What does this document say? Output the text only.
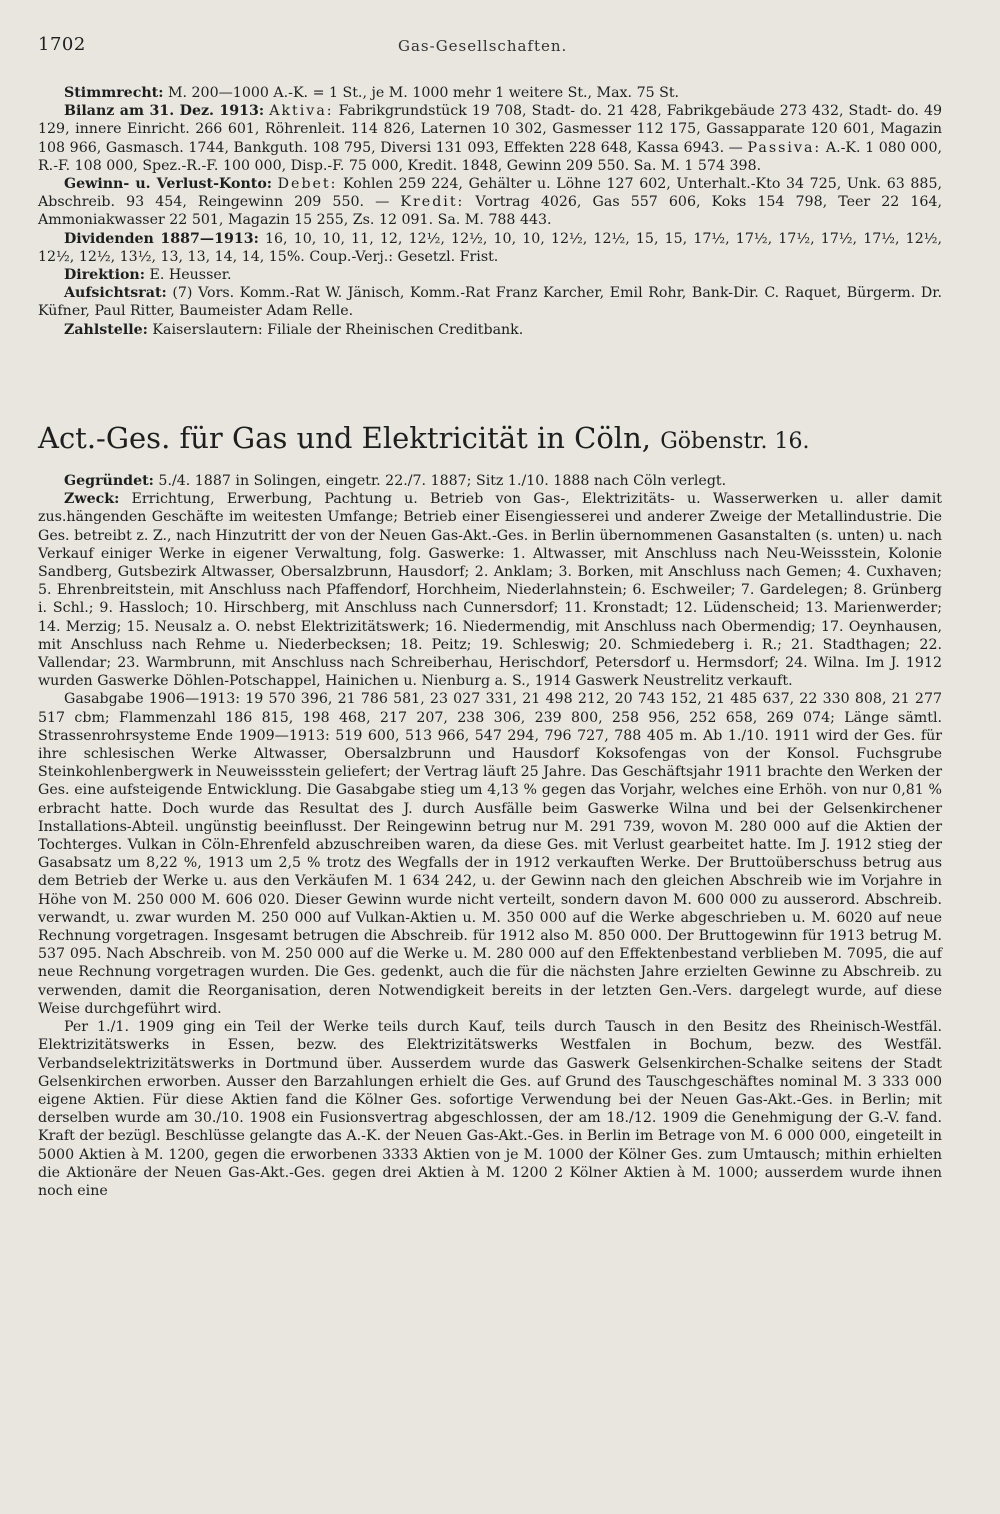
1702	Gas-Gesellschaften.

Stimmrecht: M. 200—1000 A.-K. = 1 St., je M. 1000 mehr 1 weitere St., Max. 75 St.

Bilanz am 31. Dez. 1913: Aktiva: Fabrikgrundstück 19 708, Stadt- do. 21 428, Fabrikgebäude 273 432, Stadt- do. 49 129, innere Einricht. 266 601, Röhrenleit. 114 826, Laternen 10 302, Gasmesser 112 175, Gassapparate 120 601, Magazin 108 966, Gasmasch. 1744, Bankguth. 108 795, Diversi 131 093, Effekten 228 648, Kassa 6943. — Passiva: A.-K. 1 080 000, R.-F. 108 000, Spez.-R.-F. 100 000, Disp.-F. 75 000, Kredit. 1848, Gewinn 209 550. Sa. M. 1 574 398.

Gewinn- u. Verlust-Konto: Debet: Kohlen 259 224, Gehälter u. Löhne 127 602, Unterhalt.-Kto 34 725, Unk. 63 885, Abschreib. 93 454, Reingewinn 209 550. — Kredit: Vortrag 4026, Gas 557 606, Koks 154 798, Teer 22 164, Ammoniakwasser 22 501, Magazin 15 255, Zs. 12 091. Sa. M. 788 443.

Dividenden 1887—1913: 16, 10, 10, 11, 12, 12½, 12½, 10, 10, 12½, 12½, 15, 15, 17½, 17½, 17½, 17½, 17½, 12½, 12½, 12½, 13½, 13, 13, 14, 14, 15%. Coup.-Verj.: Gesetzl. Frist.

Direktion: E. Heusser.

Aufsichtsrat: (7) Vors. Komm.-Rat W. Jänisch, Komm.-Rat Franz Karcher, Emil Rohr, Bank-Dir. C. Raquet, Bürgerm. Dr. Küfner, Paul Ritter, Baumeister Adam Relle.

Zahlstelle: Kaiserslautern: Filiale der Rheinischen Creditbank.

Act.-Ges. für Gas und Elektricität in Cöln, Göbenstr. 16.

Gegründet: 5./4. 1887 in Solingen, eingetr. 22./7. 1887; Sitz 1./10. 1888 nach Cöln verlegt.

Zweck: Errichtung, Erwerbung, Pachtung u. Betrieb von Gas-, Elektrizitäts- u. Wasserwerken u. aller damit zus.hängenden Geschäfte im weitesten Umfange; Betrieb einer Eisengiesserei und anderer Zweige der Metallindustrie. Die Ges. betreibt z. Z., nach Hinzutritt der von der Neuen Gas-Akt.-Ges. in Berlin übernommenen Gasanstalten (s. unten) u. nach Verkauf einiger Werke in eigener Verwaltung, folg. Gaswerke: 1. Altwasser, mit Anschluss nach Neu-Weissstein, Kolonie Sandberg, Gutsbezirk Altwasser, Obersalzbrunn, Hausdorf; 2. Anklam; 3. Borken, mit Anschluss nach Gemen; 4. Cuxhaven; 5. Ehrenbreitstein, mit Anschluss nach Pfaffendorf, Horchheim, Niederlahnstein; 6. Eschweiler; 7. Gardelegen; 8. Grünberg i. Schl.; 9. Hassloch; 10. Hirschberg, mit Anschluss nach Cunnersdorf; 11. Kronstadt; 12. Lüdenscheid; 13. Marienwerder; 14. Merzig; 15. Neusalz a. O. nebst Elektrizitätswerk; 16. Niedermendig, mit Anschluss nach Obermendig; 17. Oeynhausen, mit Anschluss nach Rehme u. Niederbecksen; 18. Peitz; 19. Schleswig; 20. Schmiedeberg i. R.; 21. Stadthagen; 22. Vallendar; 23. Warmbrunn, mit Anschluss nach Schreiberhau, Herischdorf, Petersdorf u. Hermsdorf; 24. Wilna. Im J. 1912 wurden Gaswerke Döhlen-Potschappel, Hainichen u. Nienburg a. S., 1914 Gaswerk Neustrelitz verkauft.

Gasabgabe 1906—1913: 19 570 396, 21 786 581, 23 027 331, 21 498 212, 20 743 152, 21 485 637, 22 330 808, 21 277 517 cbm; Flammenzahl 186 815, 198 468, 217 207, 238 306, 239 800, 258 956, 252 658, 269 074; Länge sämtl. Strassenrohrsysteme Ende 1909—1913: 519 600, 513 966, 547 294, 796 727, 788 405 m. Ab 1./10. 1911 wird der Ges. für ihre schlesischen Werke Altwasser, Obersalzbrunn und Hausdorf Koksofengas von der Konsol. Fuchsgrube Steinkohlenbergwerk in Neuweissstein geliefert; der Vertrag läuft 25 Jahre. Das Geschäftsjahr 1911 brachte den Werken der Ges. eine aufsteigende Entwicklung. Die Gasabgabe stieg um 4,13 % gegen das Vorjahr, welches eine Erhöh. von nur 0,81 % erbracht hatte. Doch wurde das Resultat des J. durch Ausfälle beim Gaswerke Wilna und bei der Gelsenkirchener Installations-Abteil. ungünstig beeinflusst. Der Reingewinn betrug nur M. 291 739, wovon M. 280 000 auf die Aktien der Tochterges. Vulkan in Cöln-Ehrenfeld abzuschreiben waren, da diese Ges. mit Verlust gearbeitet hatte. Im J. 1912 stieg der Gasabsatz um 8,22 %, 1913 um 2,5 % trotz des Wegfalls der in 1912 verkauften Werke. Der Bruttoüberschuss betrug aus dem Betrieb der Werke u. aus den Verkäufen M. 1 634 242, u. der Gewinn nach den gleichen Abschreib wie im Vorjahre in Höhe von M. 250 000 M. 606 020. Dieser Gewinn wurde nicht verteilt, sondern davon M. 600 000 zu ausserord. Abschreib. verwandt, u. zwar wurden M. 250 000 auf Vulkan-Aktien u. M. 350 000 auf die Werke abgeschrieben u. M. 6020 auf neue Rechnung vorgetragen. Insgesamt betrugen die Abschreib. für 1912 also M. 850 000. Der Bruttogewinn für 1913 betrug M. 537 095. Nach Abschreib. von M. 250 000 auf die Werke u. M. 280 000 auf den Effektenbestand verblieben M. 7095, die auf neue Rechnung vorgetragen wurden. Die Ges. gedenkt, auch die für die nächsten Jahre erzielten Gewinne zu Abschreib. zu verwenden, damit die Reorganisation, deren Notwendigkeit bereits in der letzten Gen.-Vers. dargelegt wurde, auf diese Weise durchgeführt wird.

Per 1./1. 1909 ging ein Teil der Werke teils durch Kauf, teils durch Tausch in den Besitz des Rheinisch-Westfäl. Elektrizitätswerks in Essen, bezw. des Elektrizitätswerks Westfalen in Bochum, bezw. des Westfäl. Verbandselektrizitätswerks in Dortmund über. Ausserdem wurde das Gaswerk Gelsenkirchen-Schalke seitens der Stadt Gelsenkirchen erworben. Ausser den Barzahlungen erhielt die Ges. auf Grund des Tauschgeschäftes nominal M. 3 333 000 eigene Aktien. Für diese Aktien fand die Kölner Ges. sofortige Verwendung bei der Neuen Gas-Akt.-Ges. in Berlin; mit derselben wurde am 30./10. 1908 ein Fusionsvertrag abgeschlossen, der am 18./12. 1909 die Genehmigung der G.-V. fand. Kraft der bezügl. Beschlüsse gelangte das A.-K. der Neuen Gas-Akt.-Ges. in Berlin im Betrage von M. 6 000 000, eingeteilt in 5000 Aktien à M. 1200, gegen die erworbenen 3333 Aktien von je M. 1000 der Kölner Ges. zum Umtausch; mithin erhielten die Aktionäre der Neuen Gas-Akt.-Ges. gegen drei Aktien à M. 1200 2 Kölner Aktien à M. 1000; ausserdem wurde ihnen noch eine
